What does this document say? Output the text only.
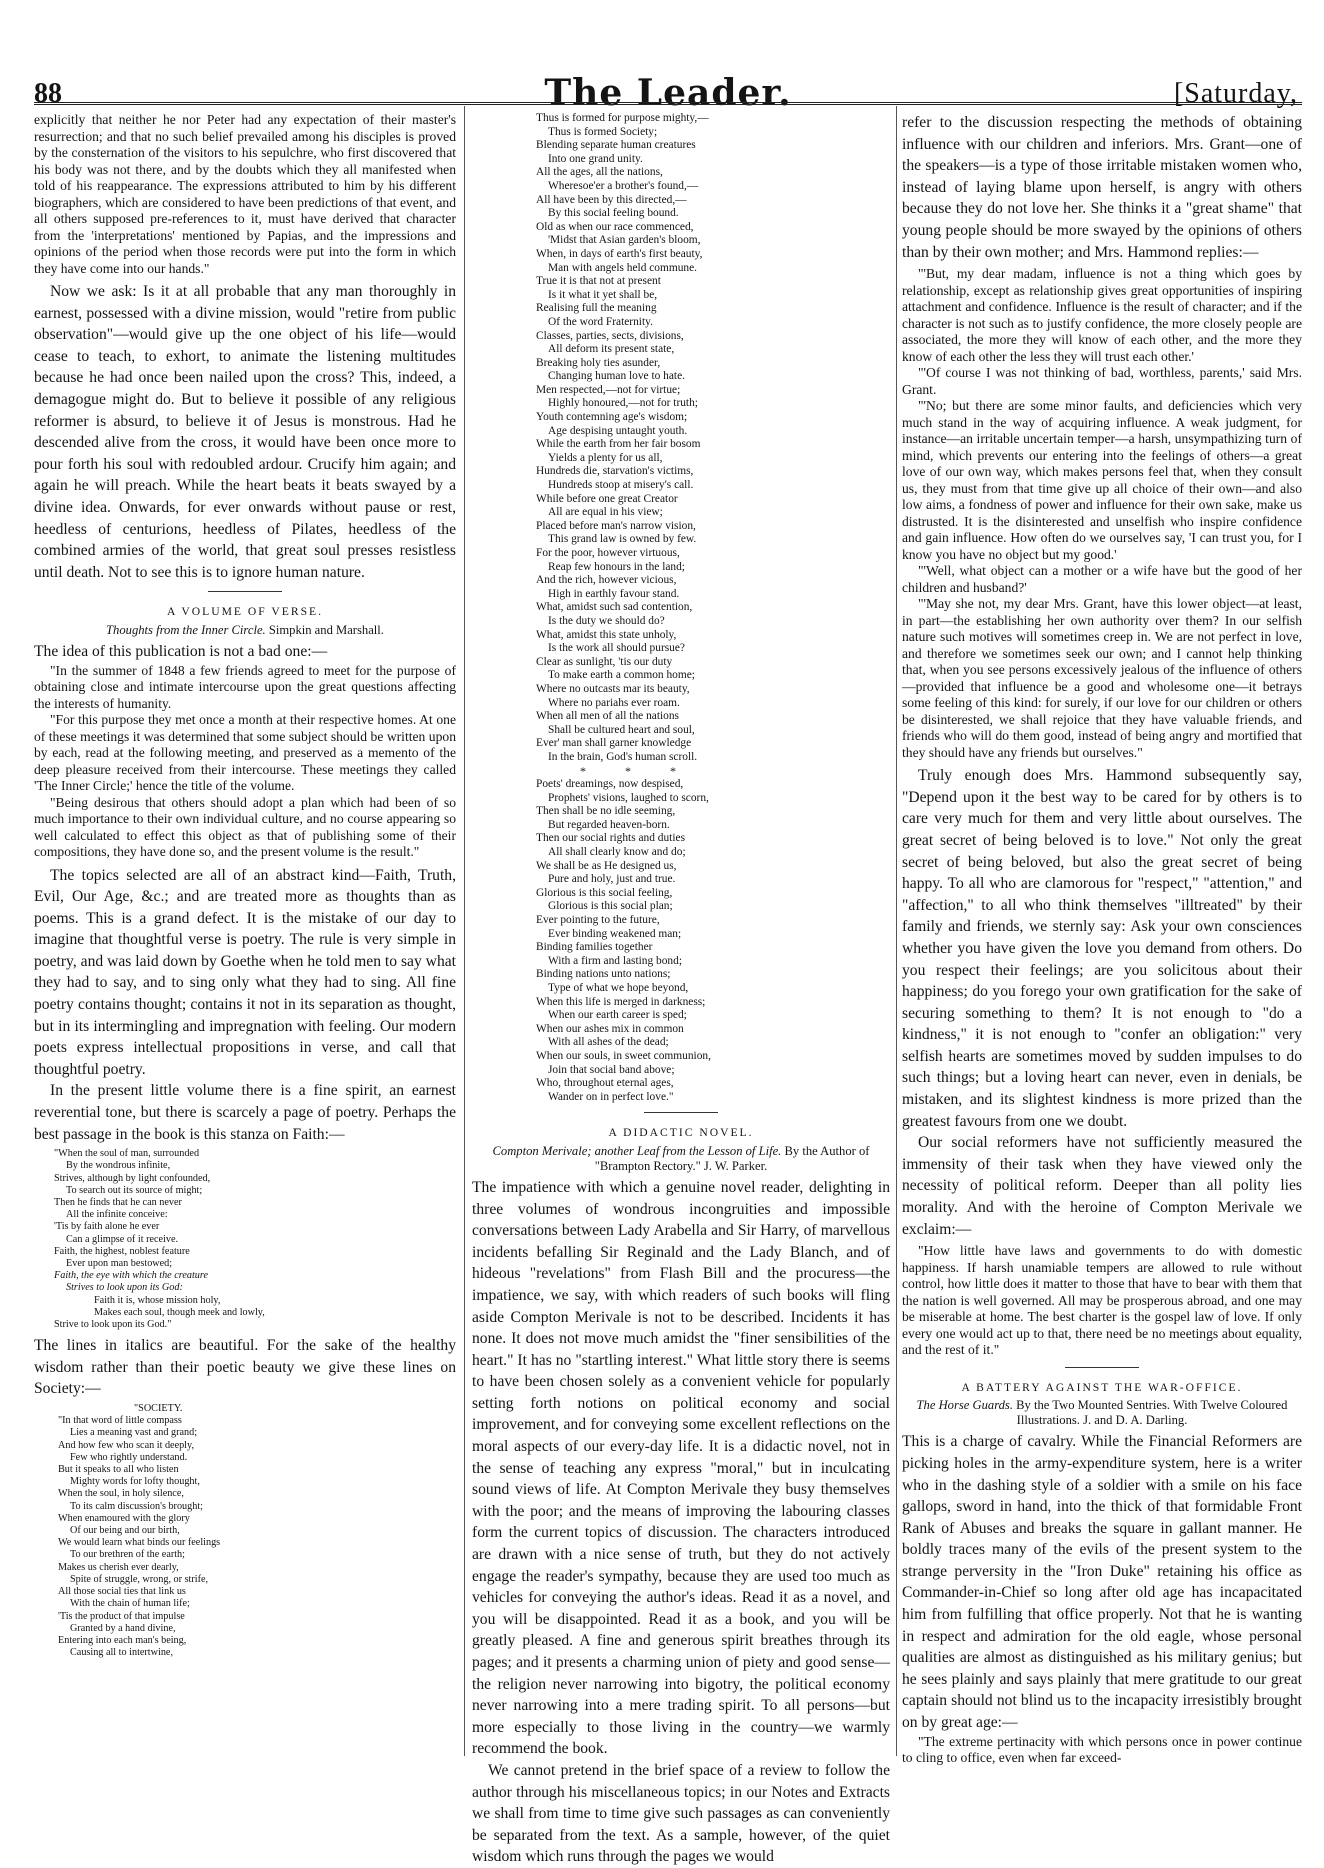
88	The Leader.	[Saturday,

explicitly that neither he nor Peter had any expectation of their master's resurrection; and that no such belief prevailed among his disciples is proved by the consternation of the visitors to his sepulchre, who first discovered that his body was not there, and by the doubts which they all manifested when told of his reappearance. The expressions attributed to him by his different biographers, which are considered to have been predictions of that event, and all others supposed pre-references to it, must have derived that character from the 'interpretations' mentioned by Papias, and the impressions and opinions of the period when those records were put into the form in which they have come into our hands."

Now we ask: Is it at all probable that any man thoroughly in earnest, possessed with a divine mission, would "retire from public observation"—would give up the one object of his life—would cease to teach, to exhort, to animate the listening multitudes because he had once been nailed upon the cross? This, indeed, a demagogue might do. But to believe it possible of any religious reformer is absurd, to believe it of Jesus is monstrous. Had he descended alive from the cross, it would have been once more to pour forth his soul with redoubled ardour. Crucify him again; and again he will preach. While the heart beats it beats swayed by a divine idea. Onwards, for ever onwards without pause or rest, heedless of centurions, heedless of Pilates, heedless of the combined armies of the world, that great soul presses resistless until death. Not to see this is to ignore human nature.

A VOLUME OF VERSE.
Thoughts from the Inner Circle. Simpkin and Marshall.

The idea of this publication is not a bad one:—

"In the summer of 1848 a few friends agreed to meet for the purpose of obtaining close and intimate intercourse upon the great questions affecting the interests of humanity.

"For this purpose they met once a month at their respective homes. At one of these meetings it was determined that some subject should be written upon by each, read at the following meeting, and preserved as a memento of the deep pleasure received from their intercourse. These meetings they called 'The Inner Circle;' hence the title of the volume.

"Being desirous that others should adopt a plan which had been of so much importance to their own individual culture, and no course appearing so well calculated to effect this object as that of publishing some of their compositions, they have done so, and the present volume is the result."

The topics selected are all of an abstract kind—Faith, Truth, Evil, Our Age, &c.; and are treated more as thoughts than as poems. This is a grand defect. It is the mistake of our day to imagine that thoughtful verse is poetry. The rule is very simple in poetry, and was laid down by Goethe when he told men to say what they had to say, and to sing only what they had to sing. All fine poetry contains thought; contains it not in its separation as thought, but in its intermingling and impregnation with feeling. Our modern poets express intellectual propositions in verse, and call that thoughtful poetry.

In the present little volume there is a fine spirit, an earnest reverential tone, but there is scarcely a page of poetry. Perhaps the best passage in the book is this stanza on Faith:—

"When the soul of man, surrounded
By the wondrous infinite,
Strives, although by light confounded,
To search out its source of might;
Then he finds that he can never
All the infinite conceive:
'Tis by faith alone he ever
Can a glimpse of it receive.
Faith, the highest, noblest feature
Ever upon man bestowed;
Faith, the eye with which the creature
Strives to look upon its God:
Faith it is, whose mission holy,
Makes each soul, though meek and lowly,
Strive to look upon its God."

The lines in italics are beautiful. For the sake of the healthy wisdom rather than their poetic beauty we give these lines on Society:—

"SOCIETY.
"In that word of little compass
Lies a meaning vast and grand;
And how few who scan it deeply,
Few who rightly understand.
But it speaks to all who listen
Mighty words for lofty thought,
When the soul, in holy silence,
To its calm discussion's brought;
When enamoured with the glory
Of our being and our birth,
We would learn what binds our feelings
To our brethren of the earth;
Makes us cherish ever dearly,
Spite of struggle, wrong, or strife,
All those social ties that link us
With the chain of human life;
'Tis the product of that impulse
Granted by a hand divine,
Entering into each man's being,
Causing all to intertwine,
Thus is formed for purpose mighty,—
Thus is formed Society;
Blending separate human creatures
Into one grand unity.
All the ages, all the nations,
Wheresoe'er a brother's found,—
All have been by this directed,—
By this social feeling bound.
Old as when our race commenced,
'Midst that Asian garden's bloom,
When, in days of earth's first beauty,
Man with angels held commune.
True it is that not at present
Is it what it yet shall be,
Realising full the meaning
Of the word Fraternity.
Classes, parties, sects, divisions,
All deform its present state,
Breaking holy ties asunder,
Changing human love to hate.
Men respected,—not for virtue;
Highly honoured,—not for truth;
Youth contemning age's wisdom;
Age despising untaught youth.
While the earth from her fair bosom
Yields a plenty for us all,
Hundreds die, starvation's victims,
Hundreds stoop at misery's call.
While before one great Creator
All are equal in his view;
Placed before man's narrow vision,
This grand law is owned by few.
For the poor, however virtuous,
Reap few honours in the land;
And the rich, however vicious,
High in earthly favour stand.
What, amidst such sad contention,
Is the duty we should do?
What, amidst this state unholy,
Is the work all should pursue?
Clear as sunlight, 'tis our duty
To make earth a common home;
Where no outcasts mar its beauty,
Where no pariahs ever roam.
When all men of all the nations
Shall be cultured heart and soul,
Ever' man shall garner knowledge
In the brain, God's human scroll.
* * *
Poets' dreamings, now despised,
Prophets' visions, laughed to scorn,
Then shall be no idle seeming,
But regarded heaven-born.
Then our social rights and duties
All shall clearly know and do;
We shall be as He designed us,
Pure and holy, just and true.
Glorious is this social feeling,
Glorious is this social plan;
Ever pointing to the future,
Ever binding weakened man;
Binding families together
With a firm and lasting bond;
Binding nations unto nations;
Type of what we hope beyond,
When this life is merged in darkness;
When our earth career is sped;
When our ashes mix in common
With all ashes of the dead;
When our souls, in sweet communion,
Join that social band above;
Who, throughout eternal ages,
Wander on in perfect love."
A DIDACTIC NOVEL.
Compton Merivale; another Leaf from the Lesson of Life. By the Author of "Brampton Rectory." J. W. Parker.

The impatience with which a genuine novel reader, delighting in three volumes of wondrous incongruities and impossible conversations between Lady Arabella and Sir Harry, of marvellous incidents befalling Sir Reginald and the Lady Blanch, and of hideous "revelations" from Flash Bill and the procuress—the impatience, we say, with which readers of such books will fling aside Compton Merivale is not to be described. Incidents it has none. It does not move much amidst the "finer sensibilities of the heart." It has no "startling interest." What little story there is seems to have been chosen solely as a convenient vehicle for popularly setting forth notions on political economy and social improvement, and for conveying some excellent reflections on the moral aspects of our every-day life. It is a didactic novel, not in the sense of teaching any express "moral," but in inculcating sound views of life. At Compton Merivale they busy themselves with the poor; and the means of improving the labouring classes form the current topics of discussion. The characters introduced are drawn with a nice sense of truth, but they do not actively engage the reader's sympathy, because they are used too much as vehicles for conveying the author's ideas. Read it as a novel, and you will be disappointed. Read it as a book, and you will be greatly pleased. A fine and generous spirit breathes through its pages; and it presents a charming union of piety and good sense—the religion never narrowing into bigotry, the political economy never narrowing into a mere trading spirit. To all persons—but more especially to those living in the country—we warmly recommend the book.

We cannot pretend in the brief space of a review to follow the author through his miscellaneous topics; in our Notes and Extracts we shall from time to time give such passages as can conveniently be separated from the text. As a sample, however, of the quiet wisdom which runs through the pages we would

refer to the discussion respecting the methods of obtaining influence with our children and inferiors. Mrs. Grant—one of the speakers—is a type of those irritable mistaken women who, instead of laying blame upon herself, is angry with others because they do not love her. She thinks it a "great shame" that young people should be more swayed by the opinions of others than by their own mother; and Mrs. Hammond replies:—

"'But, my dear madam, influence is not a thing which goes by relationship, except as relationship gives great opportunities of inspiring attachment and confidence. Influence is the result of character; and if the character is not such as to justify confidence, the more closely people are associated, the more they will know of each other, and the more they know of each other the less they will trust each other.'

"'Of course I was not thinking of bad, worthless, parents,' said Mrs. Grant.

"'No; but there are some minor faults, and deficiencies which very much stand in the way of acquiring influence. A weak judgment, for instance—an irritable uncertain temper—a harsh, unsympathizing turn of mind, which prevents our entering into the feelings of others—a great love of our own way, which makes persons feel that, when they consult us, they must from that time give up all choice of their own—and also low aims, a fondness of power and influence for their own sake, make us distrusted. It is the disinterested and unselfish who inspire confidence and gain influence. How often do we ourselves say, 'I can trust you, for I know you have no object but my good.'

"'Well, what object can a mother or a wife have but the good of her children and husband?'

"'May she not, my dear Mrs. Grant, have this lower object—at least, in part—the establishing her own authority over them? In our selfish nature such motives will sometimes creep in. We are not perfect in love, and therefore we sometimes seek our own; and I cannot help thinking that, when you see persons excessively jealous of the influence of others—provided that influence be a good and wholesome one—it betrays some feeling of this kind: for surely, if our love for our children or others be disinterested, we shall rejoice that they have valuable friends, and friends who will do them good, instead of being angry and mortified that they should have any friends but ourselves."

Truly enough does Mrs. Hammond subsequently say, "Depend upon it the best way to be cared for by others is to care very much for them and very little about ourselves. The great secret of being beloved is to love." Not only the great secret of being beloved, but also the great secret of being happy. To all who are clamorous for "respect," "attention," and "affection," to all who think themselves "illtreated" by their family and friends, we sternly say: Ask your own consciences whether you have given the love you demand from others. Do you respect their feelings; are you solicitous about their happiness; do you forego your own gratification for the sake of securing something to them? It is not enough to "do a kindness," it is not enough to "confer an obligation:" very selfish hearts are sometimes moved by sudden impulses to do such things; but a loving heart can never, even in denials, be mistaken, and its slightest kindness is more prized than the greatest favours from one we doubt.

Our social reformers have not sufficiently measured the immensity of their task when they have viewed only the necessity of political reform. Deeper than all polity lies morality. And with the heroine of Compton Merivale we exclaim:—

"How little have laws and governments to do with domestic happiness. If harsh unamiable tempers are allowed to rule without control, how little does it matter to those that have to bear with them that the nation is well governed. All may be prosperous abroad, and one may be miserable at home. The best charter is the gospel law of love. If only every one would act up to that, there need be no meetings about equality, and the rest of it."

A BATTERY AGAINST THE WAR-OFFICE.
The Horse Guards. By the Two Mounted Sentries. With Twelve Coloured Illustrations. J. and D. A. Darling.

This is a charge of cavalry. While the Financial Reformers are picking holes in the army-expenditure system, here is a writer who in the dashing style of a soldier with a smile on his face gallops, sword in hand, into the thick of that formidable Front Rank of Abuses and breaks the square in gallant manner. He boldly traces many of the evils of the present system to the strange perversity in the "Iron Duke" retaining his office as Commander-in-Chief so long after old age has incapacitated him from fulfilling that office properly. Not that he is wanting in respect and admiration for the old eagle, whose personal qualities are almost as distinguished as his military genius; but he sees plainly and says plainly that mere gratitude to our great captain should not blind us to the incapacity irresistibly brought on by great age:—

"The extreme pertinacity with which persons once in power continue to cling to office, even when far exceed-
